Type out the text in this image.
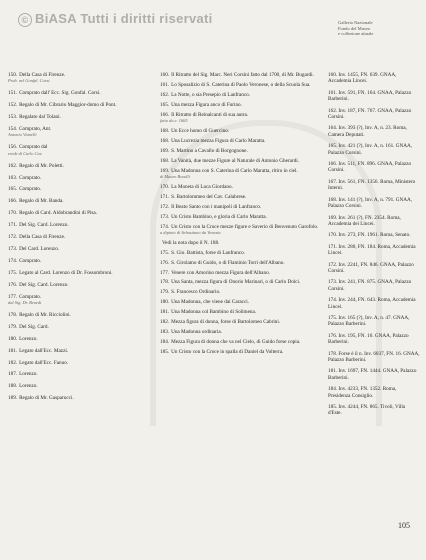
© BiASA Tutti i diritti riservati	Galleria Nazionale
Fondo del Museo
e collezione attuale
150. Della Casa di Firenze.
Prob. nel Gonfal. Corsi.
151. Comprato dall' Ecc. Sig. Gonfal. Corsi.
152. Regalo di Mr. Cibrario Maggior-domo di Pont.
153. Regalato dal Tolani.
154. Comprato, Ant.
Antonio Vianelli
156. Comprato dal
erede di Carlo Cav.
162. Regalo di Mr. Poletti.
163. Comprato.
165. Comprato.
166. Regalo di Mr. Banda.
170. Regalo di Card. Aldobrandini di Pisa.
171. Del Sig. Card. Lorenzo.
172. Della Casa di Firenze.
173. Del Card. Lorenzo.
174. Comprato.
175. Legato al Card. Lorenzo di Dr. Fossombroni.
176. Del Sig. Card. Lorenzo.
177. Comprato.
dal Sig. Dr. Benedi
178. Regalo di Mr. Ricciolini.
179. Del Sig. Card.
180. Lorenzo.
181. Legato dall'Ecc. Mazzi.
182. Legato dall'Ecc. Fanuo.
187. Lorenzo.
188. Lorenzo.
189. Regalo di Mr. Gasparucci.
160. Il Ritratto del Sig. Marc. Neri Corsini fatto dal 1700, di Mr. Bugardi.
161. Lo Sposalizio di S. Caterina di Paolo Veronese, o della Scuola Sua.
162. La Notte, o sia Presepio di Lanfranco.
165. Una mezza Figura anco di Furino.
166. Il Ritratto di Reinalcanti di sua autra.
fatto da e. 1665
168. Un Ecce homo di Guercino.
168. Una Lucrezia mezza Figura di Carlo Maratta.
169. S. Martino a Cavallo di Borgognone.
168. La Vanità, due mezze Figure al Naturale di Antonio Gherardi.
169. Una Madonna con S. Caterina di Carlo Maratta, ritiro in ciel.
di Mauro Bosulli
170. La Moneta di Luca Giordano.
171. S. Bartolommeo del Cav. Calabrese.
172. Il Beato Santo con i manipoli di Lanfranco.
173. Un Cristo Bambino, e gloria di Carlo Maratta.
174. Un Cristo con la Croce mezze figure e Saverio di Benvenuto Garofolo.
a dipinto di Sebastiano da Venezia
Vedi la nota dopo il N. 188.
175. S. Gio. Battista, forse di Lanfranco.
176. S. Girolamo di Guido, o di Flaminio Torri dell'Albano.
177. Venere con Amorino mezza Figura dell'Albano.
178. Una Santa, mezza figura di Onorio Marinari, o di Carlo Dolci.
179. S. Francesco Ordinario.
180. Una Madonna, che viene dai Caracci.
181. Una Madonna col Bambino di Solimena.
182. Mezza figura di donna, forse di Bartolomeo Cabrini.
183. Una Madonna ordinaria.
184. Mezza Figura di donna che va nel Cielo, di Guido forse copia.
185. Un Cristo con la Croce in spalla di Daniel da Volterra.
160. Inv. 1455, FN. 639. GNAA, Accademia Lincei.
161. Inv. 591, FN. 164. GNAA, Palazzo Barberini.
162. Inv. 187, FN. 767. GNAA, Palazzo Corsini.
164. Inv. 393 (?), Inv. A, n. 23. Roma, Camera Deputati.
165. Inv. 421 (?), Inv. A, n. 161. GNAA, Palazzo Corsini.
166. Inv. 511, FN. 896. GNAA, Palazzo Corsini.
167. Inv. 561, FN. 1356. Roma, Ministero Interni.
168. Inv. 141 (?), Inv. A, n. 791. GNAA, Palazzo Corsini.
169. Inv. 261 (?), FN. 2354. Roma, Accademia dei Lincei.
170. Inv. 273, FN. 1961. Roma, Senato.
171. Inv. 280, FN. 184. Roma, Accademia Lincei.
172. Inv. 2241, FN. 846. GNAA, Palazzo Corsini.
173. Inv. 241, FN. 875. GNAA, Palazzo Corsini.
174. Inv. 244, FN. 643. Roma, Accademia Lincei.
175. Inv. 165 (?), Inv. A, n. 47. GNAA, Palazzo Barberini.
176. Inv. 195, FN. 16. GNAA, Palazzo Barberini.
178. Forse è il n. Inv. 6037, FN. 16. GNAA, Palazzo Barberini.
181. Inv. 1697, FN. 1444. GNAA, Palazzo Barberini.
184. Inv. 4233, FN. 1352. Roma, Presidenza Consiglio.
185. Inv. 4244, FN. 865. Tivoli, Villa d'Este.
105
